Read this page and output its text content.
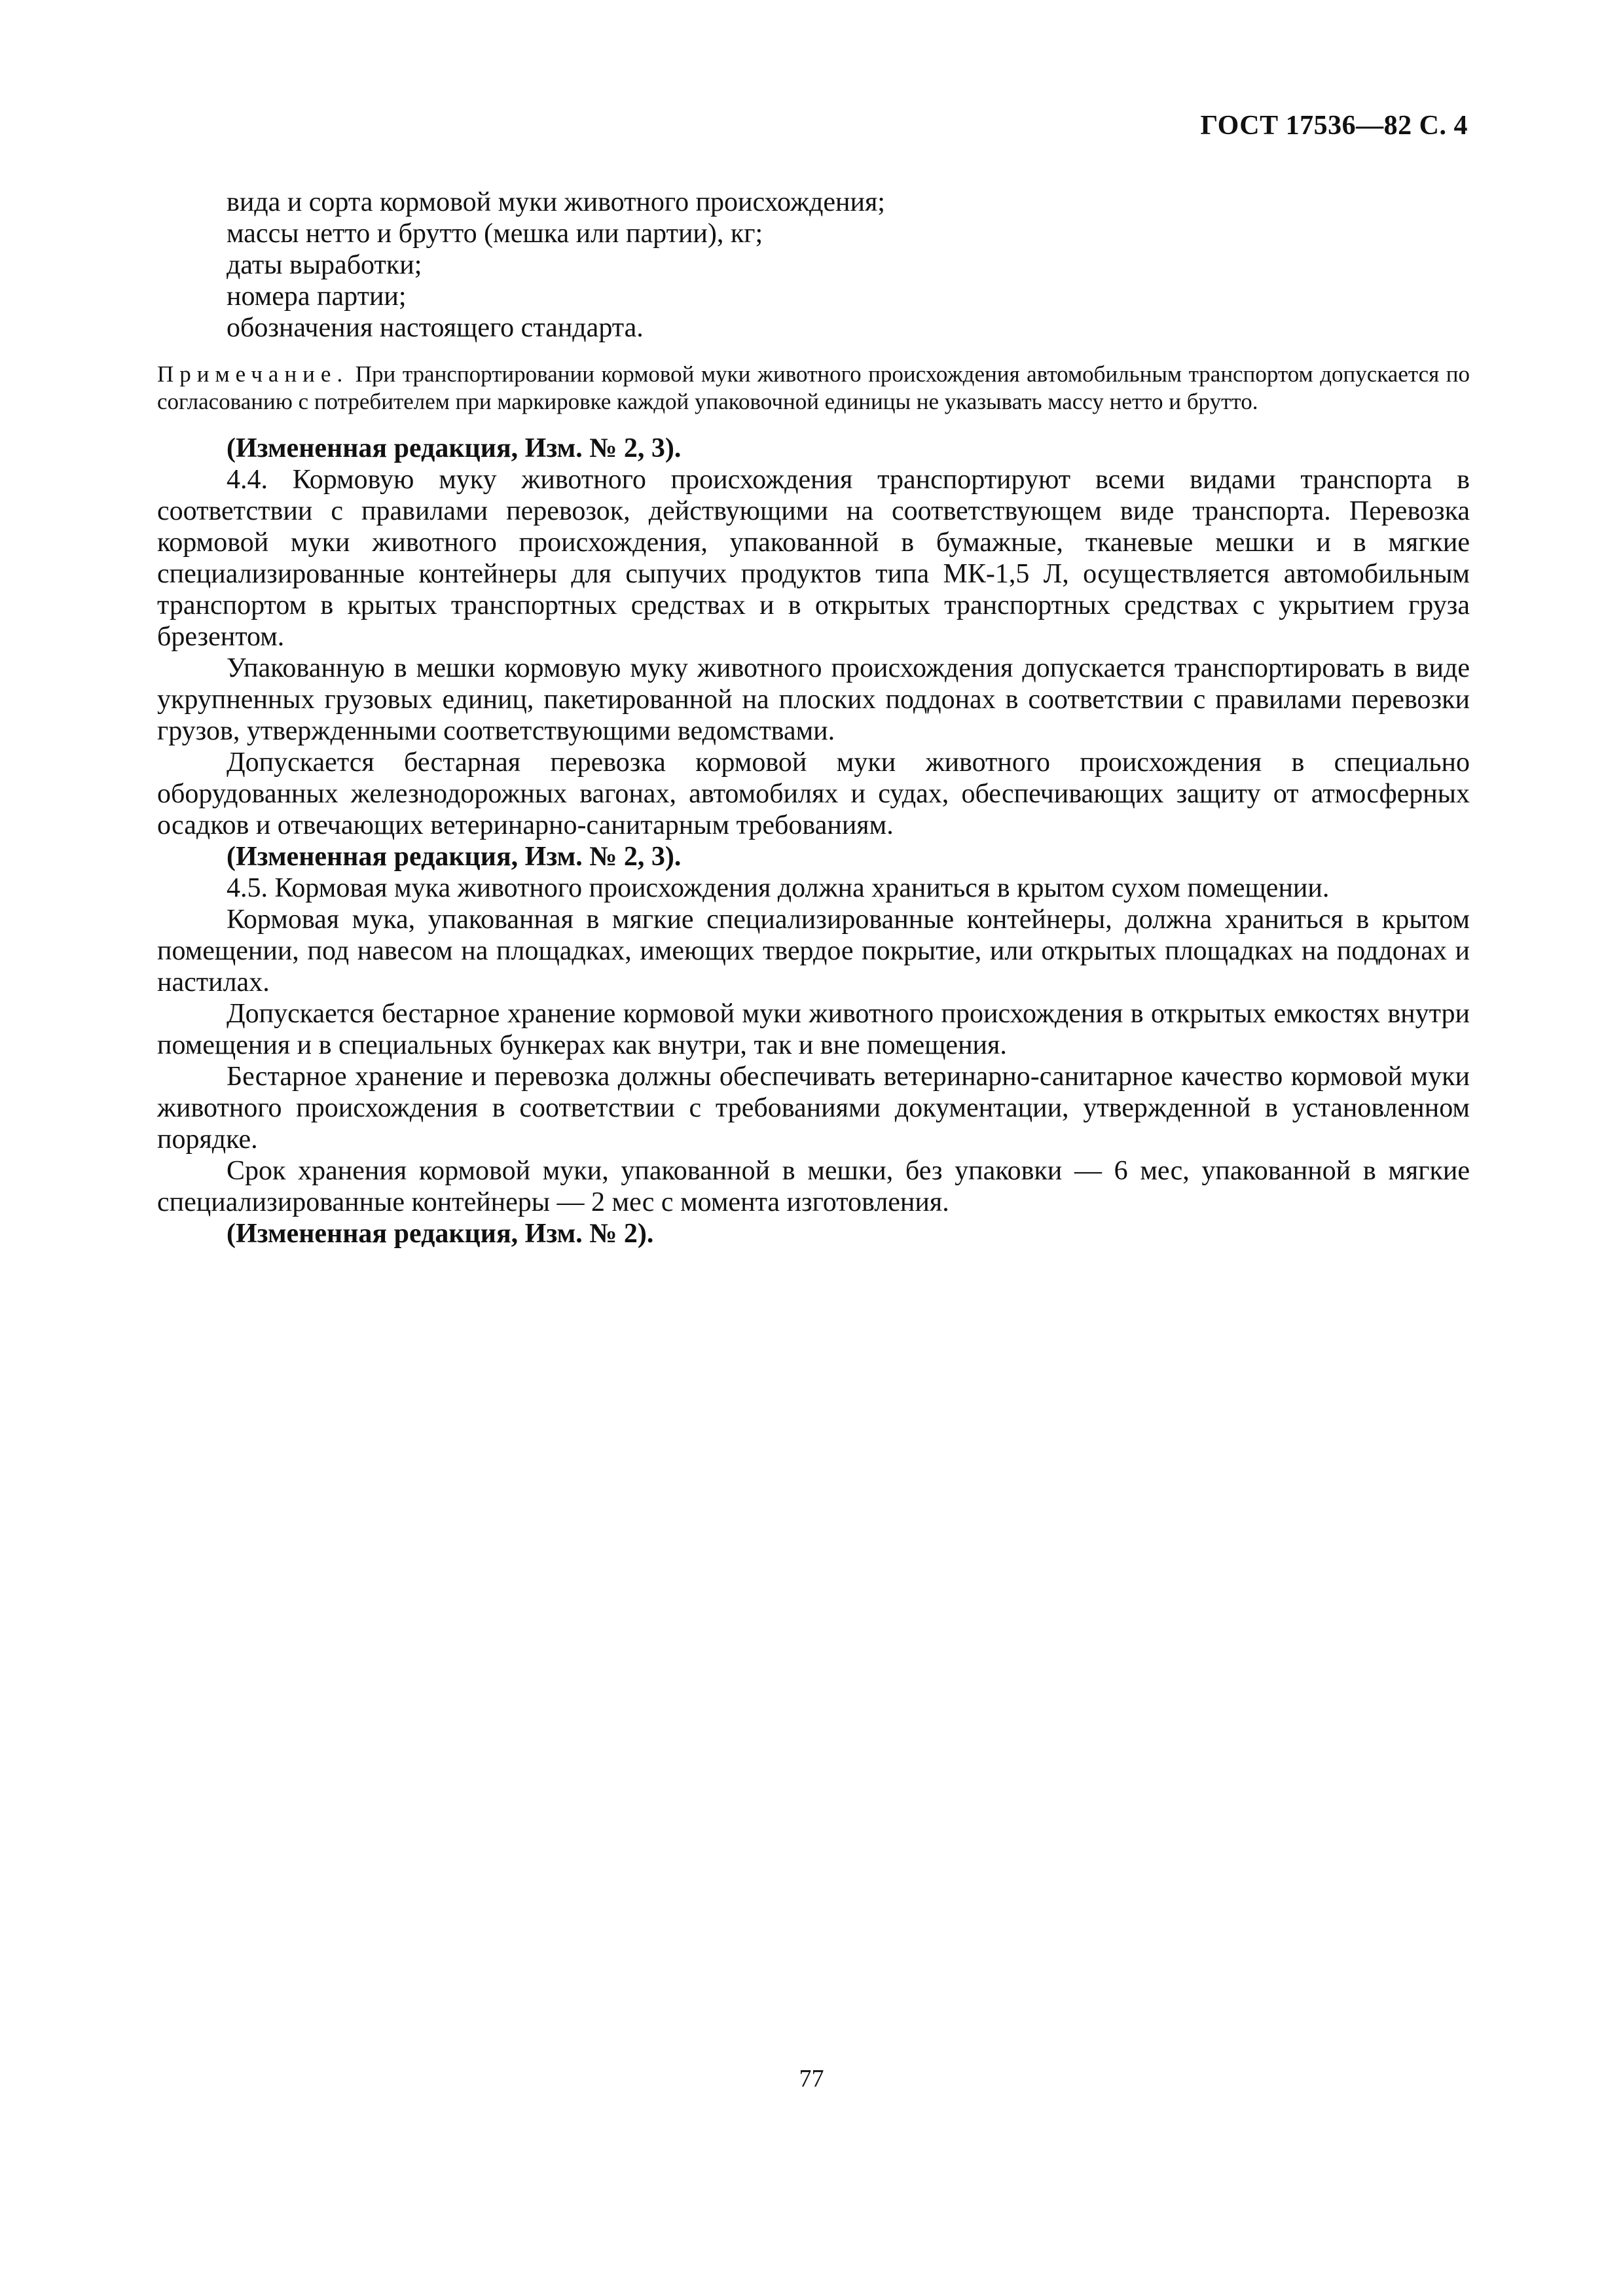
ГОСТ 17536—82 С. 4

вида и сорта кормовой муки животного происхождения;

массы нетто и брутто (мешка или партии), кг;

даты выработки;

номера партии;

обозначения настоящего стандарта.

Примечание. При транспортировании кормовой муки животного происхождения автомобильным транспортом допускается по согласованию с потребителем при маркировке каждой упаковочной единицы не указывать массу нетто и брутто.

(Измененная редакция, Изм. № 2, 3).

4.4. Кормовую муку животного происхождения транспортируют всеми видами транспорта в соответствии с правилами перевозок, действующими на соответствующем виде транспорта. Перевозка кормовой муки животного происхождения, упакованной в бумажные, тканевые мешки и в мягкие специализированные контейнеры для сыпучих продуктов типа МК-1,5 Л, осуществляется автомобильным транспортом в крытых транспортных средствах и в открытых транспортных средствах с укрытием груза брезентом.

Упакованную в мешки кормовую муку животного происхождения допускается транспортировать в виде укрупненных грузовых единиц, пакетированной на плоских поддонах в соответствии с правилами перевозки грузов, утвержденными соответствующими ведомствами.

Допускается бестарная перевозка кормовой муки животного происхождения в специально оборудованных железнодорожных вагонах, автомобилях и судах, обеспечивающих защиту от атмосферных осадков и отвечающих ветеринарно-санитарным требованиям.

(Измененная редакция, Изм. № 2, 3).

4.5. Кормовая мука животного происхождения должна храниться в крытом сухом помещении.

Кормовая мука, упакованная в мягкие специализированные контейнеры, должна храниться в крытом помещении, под навесом на площадках, имеющих твердое покрытие, или открытых площадках на поддонах и настилах.

Допускается бестарное хранение кормовой муки животного происхождения в открытых емкостях внутри помещения и в специальных бункерах как внутри, так и вне помещения.

Бестарное хранение и перевозка должны обеспечивать ветеринарно-санитарное качество кормовой муки животного происхождения в соответствии с требованиями документации, утвержденной в установленном порядке.

Срок хранения кормовой муки, упакованной в мешки, без упаковки — 6 мес, упакованной в мягкие специализированные контейнеры — 2 мес с момента изготовления.

(Измененная редакция, Изм. № 2).

77
